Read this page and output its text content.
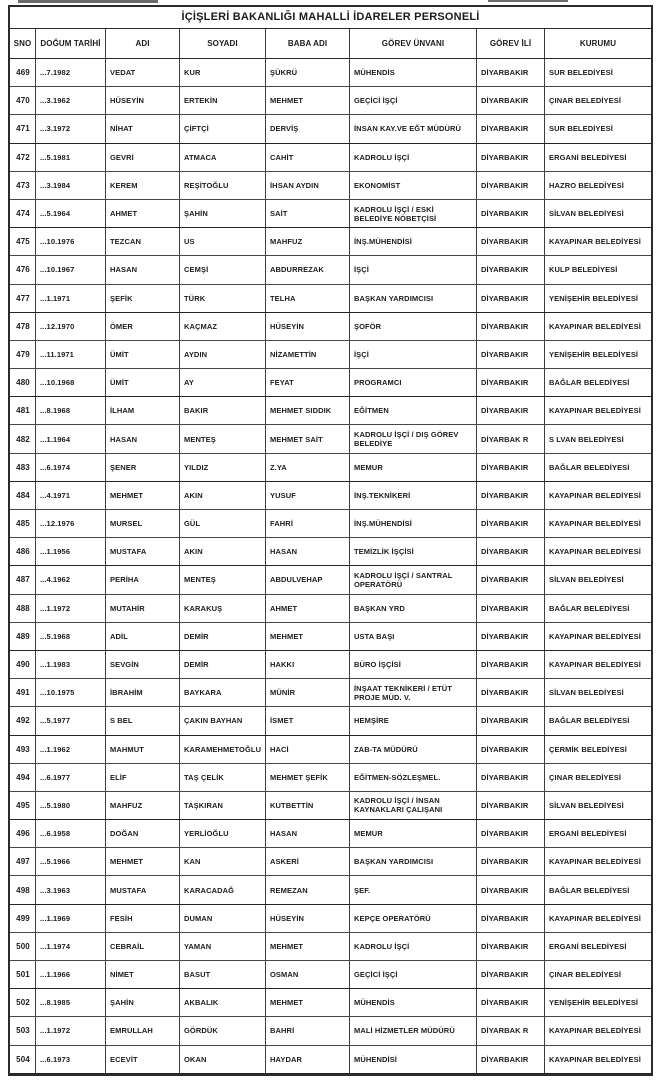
İÇİŞLERİ BAKANLIĞI MAHALLİ İDARELER PERSONELİ
SNO	DOĞUM TARİHİ	ADI	SOYADI	BABA ADI	GÖREV ÜNVANI	GÖREV İLİ	KURUMU
469	...7.1982	VEDAT	KUR	ŞÜKRÜ	MÜHENDİS	DİYARBAKIR	SUR BELEDİYESİ
470	...3.1962	HÜSEYİN	ERTEKİN	MEHMET	GEÇİCİ İŞÇİ	DİYARBAKIR	ÇINAR BELEDİYESİ
471	...3.1972	NİHAT	ÇİFTÇİ	DERVİŞ	İNSAN KAY.VE EĞT MÜDÜRÜ	DİYARBAKIR	SUR BELEDİYESİ
472	...5.1981	GEVRİ	ATMACA	CAHİT	KADROLU İŞÇİ	DİYARBAKIR	ERGANİ BELEDİYESİ
473	...3.1984	KEREM	REŞİTOĞLU	İHSAN AYDIN	EKONOMİST	DİYARBAKIR	HAZRO BELEDİYESİ
474	...5.1964	AHMET	ŞAHİN	SAİT	KADROLU İŞÇİ / ESKİ BELEDİYE NÖBETÇİSİ	DİYARBAKIR	SİLVAN BELEDİYESİ
475	...10.1976	TEZCAN	US	MAHFUZ	İNŞ.MÜHENDİSİ	DİYARBAKIR	KAYAPINAR BELEDİYESİ
476	...10.1967	HASAN	CEMŞİ	ABDURREZAK	İŞÇİ	DİYARBAKIR	KULP BELEDİYESİ
477	...1.1971	ŞEFİK	TÜRK	TELHA	BAŞKAN YARDIMCISI	DİYARBAKIR	YENİŞEHİR BELEDİYESİ
478	...12.1970	ÖMER	KAÇMAZ	HÜSEYİN	ŞOFÖR	DİYARBAKIR	KAYAPINAR BELEDİYESİ
479	...11.1971	ÜMİT	AYDIN	NİZAMETTİN	İŞÇİ	DİYARBAKIR	YENİŞEHİR BELEDİYESİ
480	...10.1968	ÜMİT	AY	FEYAT	PROGRAMCI	DİYARBAKIR	BAĞLAR BELEDİYESİ
481	...8.1968	İLHAM	BAKIR	MEHMET SIDDIK	EĞİTMEN	DİYARBAKIR	KAYAPINAR BELEDİYESİ
482	...1.1964	HASAN	MENTEŞ	MEHMET SAİT	KADROLU İŞÇİ / DIŞ GÖREV BELEDİYE	DİYARBAK R	S LVAN BELEDİYESİ
483	...6.1974	ŞENER	YILDIZ	Z.YA	MEMUR	DİYARBAKIR	BAĞLAR BELEDİYESİ
484	...4.1971	MEHMET	AKIN	YUSUF	İNŞ.TEKNİKERİ	DİYARBAKIR	KAYAPINAR BELEDİYESİ
485	...12.1976	MURSEL	GÜL	FAHRİ	İNŞ.MÜHENDİSİ	DİYARBAKIR	KAYAPINAR BELEDİYESİ
486	...1.1956	MUSTAFA	AKIN	HASAN	TEMİZLİK İŞÇİSİ	DİYARBAKIR	KAYAPINAR BELEDİYESİ
487	...4.1962	PERİHA	MENTEŞ	ABDULVEHAP	KADROLU İŞÇİ / SANTRAL OPERATÖRÜ	DİYARBAKIR	SİLVAN BELEDİYESİ
488	...1.1972	MUTAHİR	KARAKUŞ	AHMET	BAŞKAN YRD	DİYARBAKIR	BAĞLAR BELEDİYESİ
489	...5.1968	ADİL	DEMİR	MEHMET	USTA BAŞI	DİYARBAKIR	KAYAPINAR BELEDİYESİ
490	...1.1983	SEVGİN	DEMİR	HAKKI	BÜRO İŞÇİSİ	DİYARBAKIR	KAYAPINAR BELEDİYESİ
491	...10.1975	İBRAHİM	BAYKARA	MÜNİR	İNŞAAT TEKNİKERİ / ETÜT PROJE MÜD. V.	DİYARBAKIR	SİLVAN BELEDİYESİ
492	...5.1977	S BEL	ÇAKIN BAYHAN	İSMET	HEMŞİRE	DİYARBAKIR	BAĞLAR BELEDİYESİ
493	...1.1962	MAHMUT	KARAMEHMETOĞLU	HACİ	ZAB-TA MÜDÜRÜ	DİYARBAKIR	ÇERMİK BELEDİYESİ
494	...6.1977	ELİF	TAŞ ÇELİK	MEHMET ŞEFİK	EĞİTMEN-SÖZLEŞMEL.	DİYARBAKIR	ÇINAR BELEDİYESİ
495	...5.1980	MAHFUZ	TAŞKIRAN	KUTBETTİN	KADROLU İŞÇİ / İNSAN KAYNAKLARI ÇALIŞANI	DİYARBAKIR	SİLVAN BELEDİYESİ
496	...6.1958	DOĞAN	YERLİOĞLU	HASAN	MEMUR	DİYARBAKIR	ERGANİ BELEDİYESİ
497	...5.1966	MEHMET	KAN	ASKERİ	BAŞKAN YARDIMCISI	DİYARBAKIR	KAYAPINAR BELEDİYESİ
498	...3.1963	MUSTAFA	KARACADAĞ	REMEZAN	ŞEF.	DİYARBAKIR	BAĞLAR BELEDİYESİ
499	...1.1969	FESİH	DUMAN	HÜSEYİN	KEPÇE OPERATÖRÜ	DİYARBAKIR	KAYAPINAR BELEDİYESİ
500	...1.1974	CEBRAİL	YAMAN	MEHMET	KADROLU İŞÇİ	DİYARBAKIR	ERGANİ BELEDİYESİ
501	...1.1966	NİMET	BASUT	OSMAN	GEÇİCİ İŞÇİ	DİYARBAKIR	ÇINAR BELEDİYESİ
502	...8.1985	ŞAHİN	AKBALIK	MEHMET	MÜHENDİS	DİYARBAKIR	YENİŞEHİR BELEDİYESİ
503	...1.1972	EMRULLAH	GÖRDÜK	BAHRİ	MALİ HİZMETLER MÜDÜRÜ	DİYARBAK R	KAYAPINAR BELEDİYESİ
504	...6.1973	ECEVİT	OKAN	HAYDAR	MÜHENDİSİ	DİYARBAKIR	KAYAPINAR BELEDİYESİ
